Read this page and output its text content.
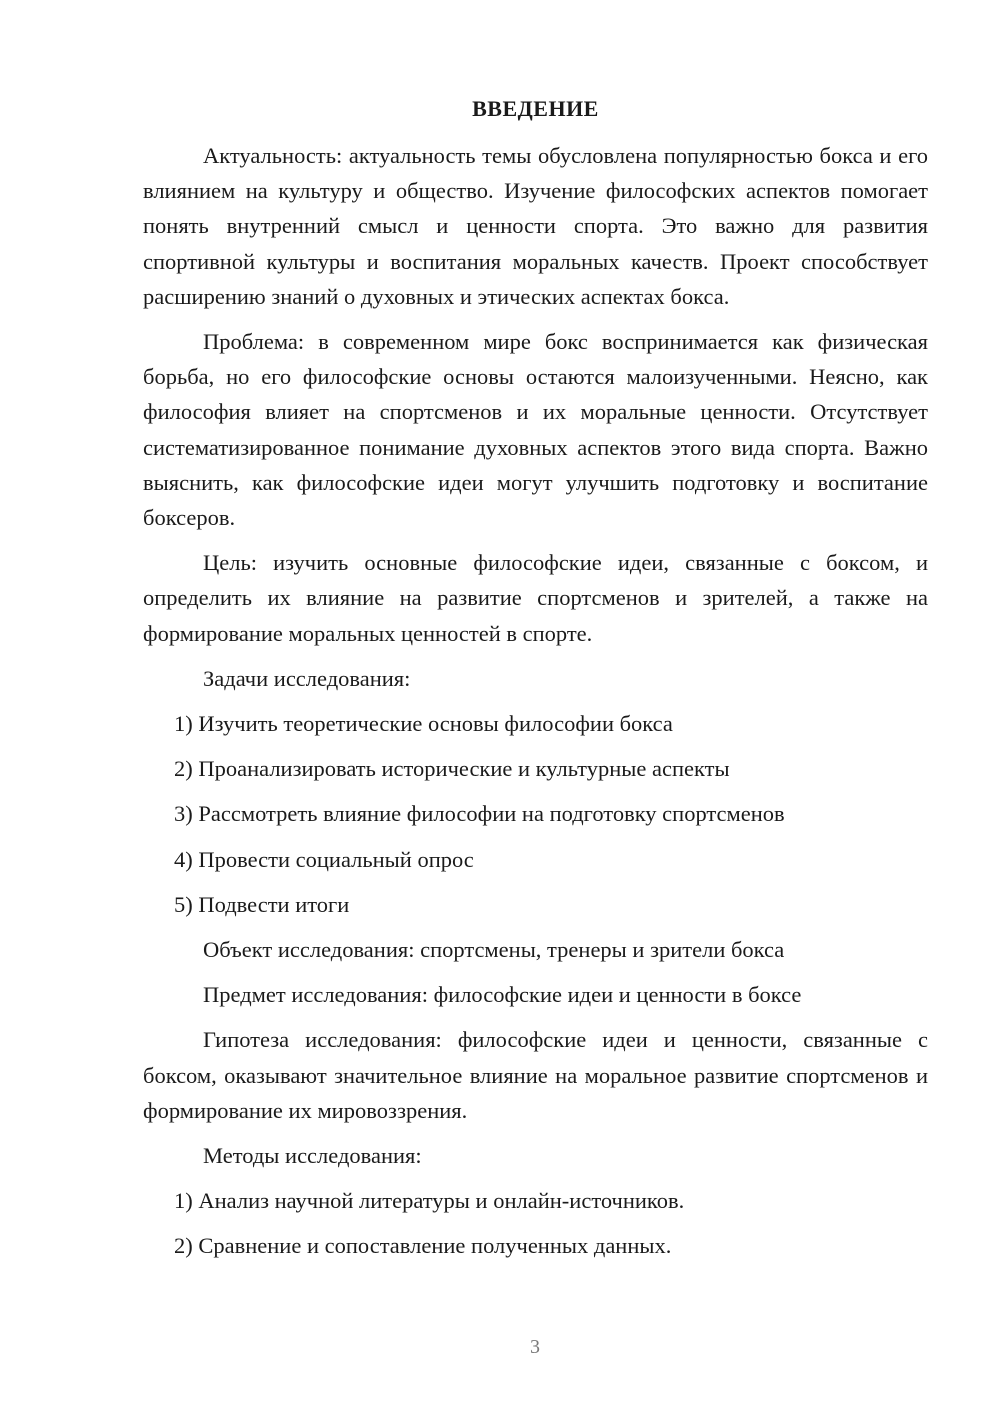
ВВЕДЕНИЕ
Актуальность: актуальность темы обусловлена популярностью бокса и его влиянием на культуру и общество. Изучение философских аспектов помогает понять внутренний смысл и ценности спорта. Это важно для развития спортивной культуры и воспитания моральных качеств. Проект способствует расширению знаний о духовных и этических аспектах бокса.
Проблема: в современном мире бокс воспринимается как физическая борьба, но его философские основы остаются малоизученными. Неясно, как философия влияет на спортсменов и их моральные ценности. Отсутствует систематизированное понимание духовных аспектов этого вида спорта. Важно выяснить, как философские идеи могут улучшить подготовку и воспитание боксеров.
Цель: изучить основные философские идеи, связанные с боксом, и определить их влияние на развитие спортсменов и зрителей, а также на формирование моральных ценностей в спорте.
Задачи исследования:
1) Изучить теоретические основы философии бокса
2) Проанализировать исторические и культурные аспекты
3) Рассмотреть влияние философии на подготовку спортсменов
4) Провести социальный опрос
5) Подвести итоги
Объект исследования: спортсмены, тренеры и зрители бокса
Предмет исследования: философские идеи и ценности в боксе
Гипотеза исследования: философские идеи и ценности, связанные с боксом, оказывают значительное влияние на моральное развитие спортсменов и формирование их мировоззрения.
Методы исследования:
1) Анализ научной литературы и онлайн-источников.
2) Сравнение и сопоставление полученных данных.
3
